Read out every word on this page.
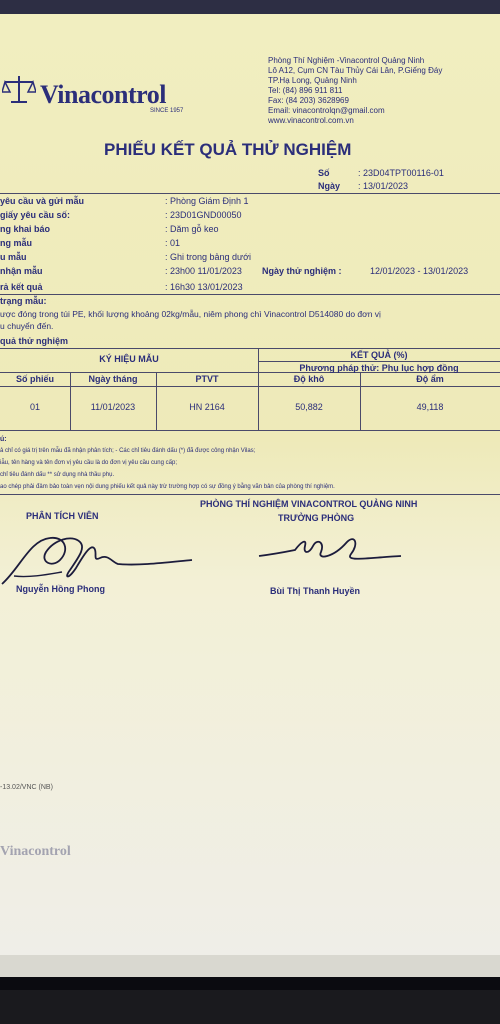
Vinacontrol
SINCE 1957
Phòng Thí Nghiệm -Vinacontrol Quảng Ninh
Lô A12, Cụm CN Tàu Thủy Cái Lân, P.Giếng Đáy
TP.Hạ Long, Quảng Ninh
Tel: (84) 896 911 811
Fax: (84 203) 3628969
Email: vinacontrolqn@gmail.com
www.vinacontrol.com.vn
PHIẾU KẾT QUẢ THỬ NGHIỆM
Số	: 23D04TPT00116-01
Ngày : 13/01/2023
yêu cầu và gửi mẫu	: Phòng Giám Định 1
giấy yêu cầu số:	: 23D01GND00050
ng khai báo	: Dăm gỗ keo
ng mẫu	: 01
u mẫu	: Ghi trong bảng dưới
nhận mẫu	: 23h00 11/01/2023 Ngày thử nghiệm :	12/01/2023 - 13/01/2023
rả kết quả	: 16h30 13/01/2023
trạng mẫu:
ược đóng trong túi PE, khối lượng khoảng 02kg/mẫu, niêm phong chì Vinacontrol D514080 do đơn vị
u chuyển đến.
quả thử nghiệm
KÝ HIỆU MẪU	KẾT QUẢ (%)
Phương pháp thử: Phụ lục hợp đồng
Số phiếu	Ngày tháng	PTVT	Độ khô	Độ ẩm
01	11/01/2023	HN 2164	50,882	49,118
ú:
ả chỉ có giá trị trên mẫu đã nhận phân tích; - Các chỉ tiêu đánh dấu (*) đã được công nhận Vilas;
iẫu, tên hàng và tên đơn vị yêu cầu là do đơn vị yêu cầu cung cấp;
chỉ tiêu đánh dấu ** sử dụng nhà thầu phụ.
ao chép phải đảm bảo toàn vẹn nội dung phiếu kết quả này trừ trường hợp có sự đồng ý bằng văn bản của phòng thí nghiệm.
PHÒNG THÍ NGHIỆM VINACONTROL QUẢNG NINH
PHÂN TÍCH VIÊN	TRƯỞNG PHÒNG
Nguyễn Hồng Phong	Bùi Thị Thanh Huyền
-13.02/VNC (NB)
Vinacontrol
